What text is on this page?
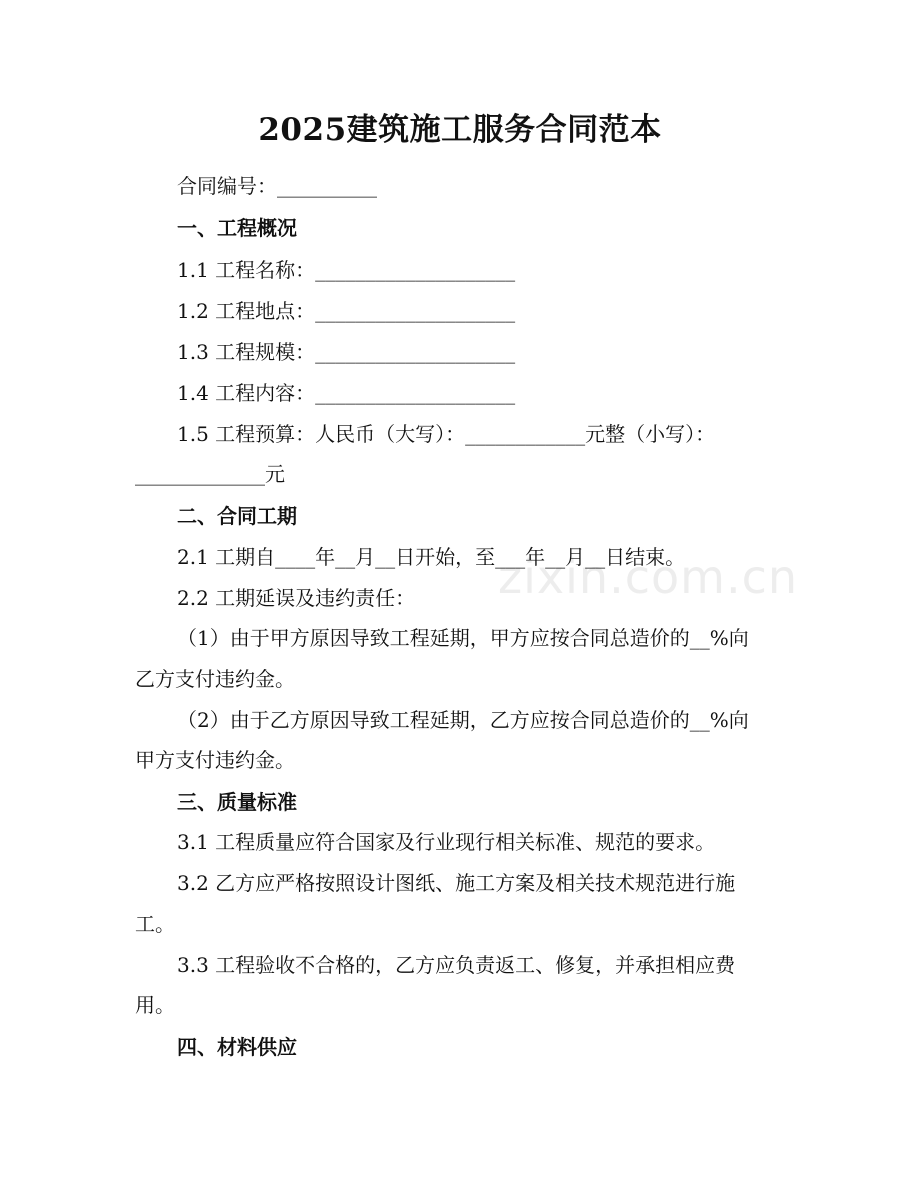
zixin.com.cn
2025建筑施工服务合同范本
合同编号：__________
一、工程概况
1.1 工程名称：____________________
1.2 工程地点：____________________
1.3 工程规模：____________________
1.4 工程内容：____________________
1.5 工程预算：人民币（大写）：____________元整（小写）：
_____________元
二、合同工期
2.1 工期自____年__月__日开始，至___年__月__日结束。
2.2 工期延误及违约责任：
（1）由于甲方原因导致工程延期，甲方应按合同总造价的__%向
乙方支付违约金。
（2）由于乙方原因导致工程延期，乙方应按合同总造价的__%向
甲方支付违约金。
三、质量标准
3.1 工程质量应符合国家及行业现行相关标准、规范的要求。
3.2 乙方应严格按照设计图纸、施工方案及相关技术规范进行施
工。
3.3 工程验收不合格的，乙方应负责返工、修复，并承担相应费
用。
四、材料供应
